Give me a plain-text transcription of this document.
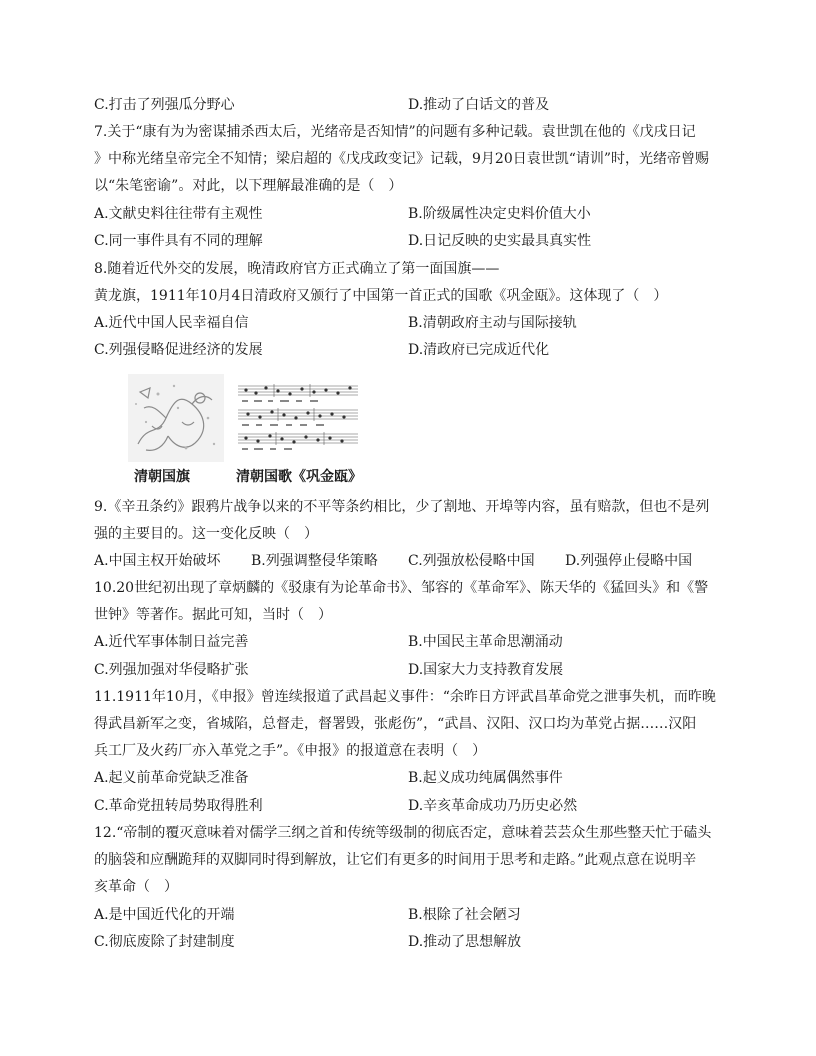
C.打击了列强瓜分野心	D.推动了白话文的普及
7.关于“康有为为密谋捕杀西太后，光绪帝是否知情”的问题有多种记载。袁世凯在他的《戊戌日记
》中称光绪皇帝完全不知情；梁启超的《戊戌政变记》记载，9月20日袁世凯“请训”时，光绪帝曾赐
以“朱笔密谕”。对此，以下理解最准确的是（　）
A.文献史料往往带有主观性	B.阶级属性决定史料价值大小
C.同一事件具有不同的理解	D.日记反映的史实最具真实性
8.随着近代外交的发展，晚清政府官方正式确立了第一面国旗——
黄龙旗，1911年10月4日清政府又颁行了中国第一首正式的国歌《巩金瓯》。这体现了（　）
A.近代中国人民幸福自信	B.清朝政府主动与国际接轨
C.列强侵略促进经济的发展	D.清政府已完成近代化
清朝国旗	清朝国歌《巩金瓯》
9.《辛丑条约》跟鸦片战争以来的不平等条约相比，少了割地、开埠等内容，虽有赔款，但也不是列
强的主要目的。这一变化反映（　）
A.中国主权开始破坏 B.列强调整侵华策略 C.列强放松侵略中国 D.列强停止侵略中国
10.20世纪初出现了章炳麟的《驳康有为论革命书》、邹容的《革命军》、陈天华的《猛回头》和《警
世钟》等著作。据此可知，当时（　）
A.近代军事体制日益完善	B.中国民主革命思潮涌动
C.列强加强对华侵略扩张	D.国家大力支持教育发展
11.1911年10月，《申报》曾连续报道了武昌起义事件：“余昨日方评武昌革命党之泄事失机，而昨晚
得武昌新军之变，省城陷，总督走，督署毁，张彪伤”，“武昌、汉阳、汉口均为革党占据……汉阳
兵工厂及火药厂亦入革党之手”。《申报》的报道意在表明（　）
A.起义前革命党缺乏准备	B.起义成功纯属偶然事件
C.革命党扭转局势取得胜利	D.辛亥革命成功乃历史必然
12.“帝制的覆灭意味着对儒学三纲之首和传统等级制的彻底否定，意味着芸芸众生那些整天忙于磕头
的脑袋和应酬跪拜的双脚同时得到解放，让它们有更多的时间用于思考和走路。”此观点意在说明辛
亥革命（　）
A.是中国近代化的开端	B.根除了社会陋习
C.彻底废除了封建制度	D.推动了思想解放
